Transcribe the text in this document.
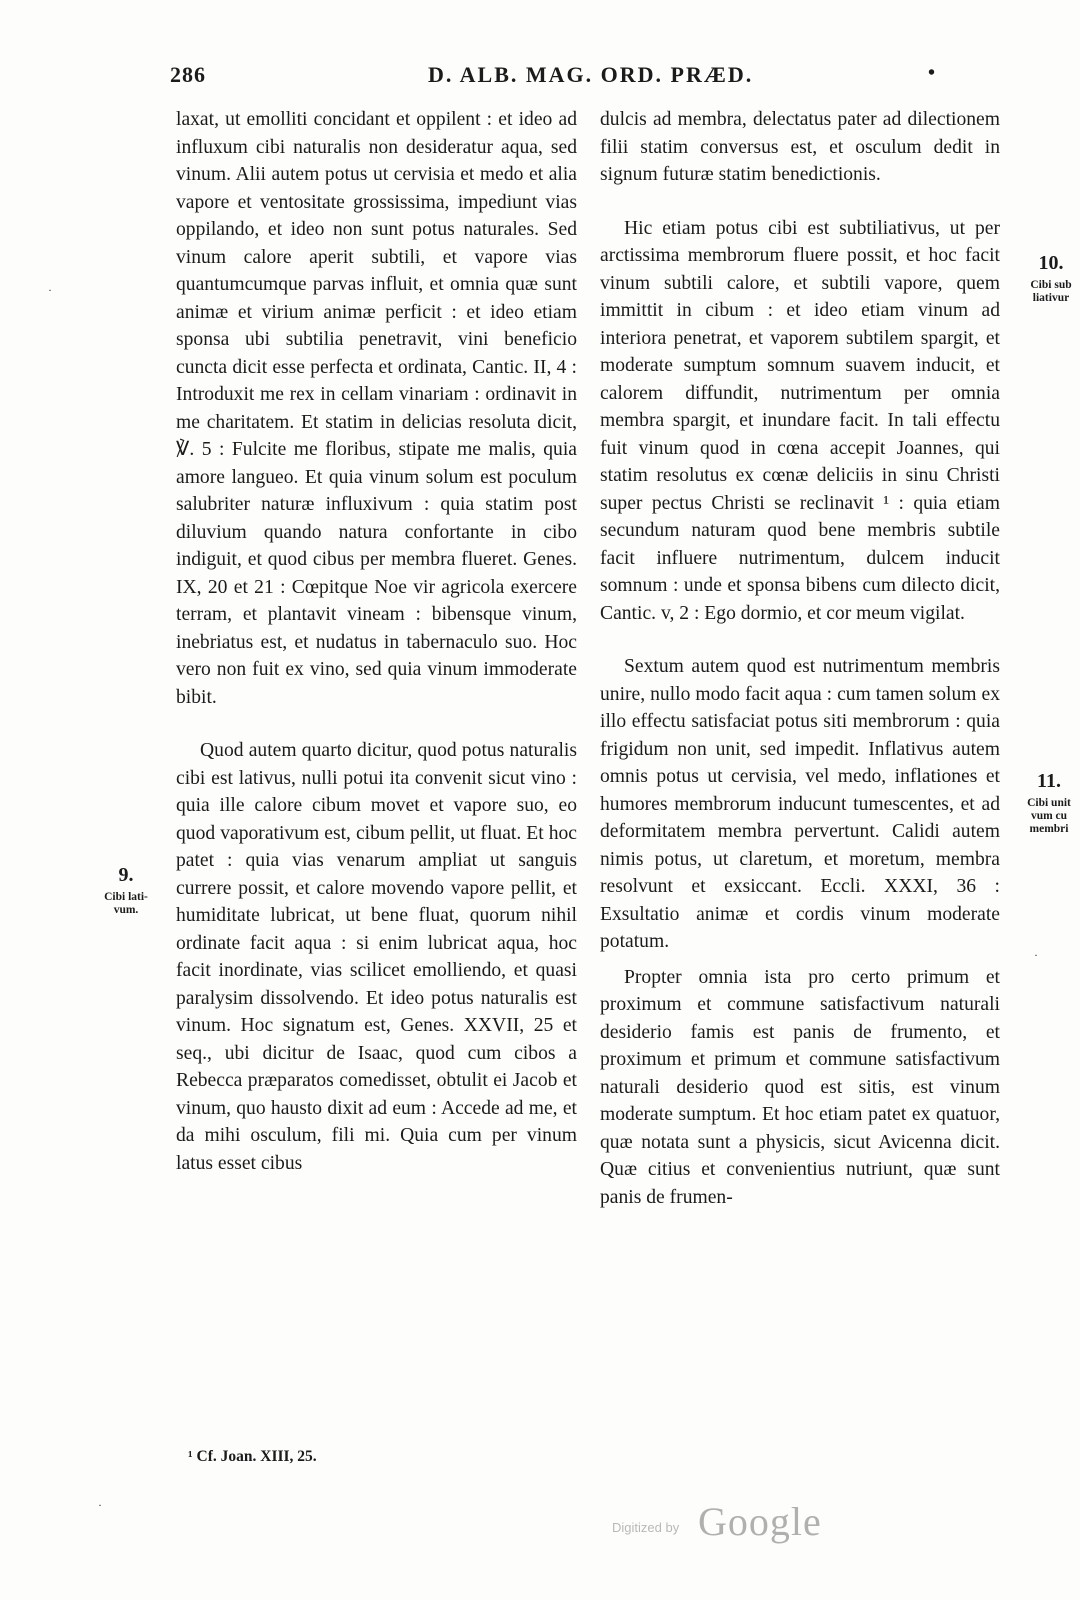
286	D. ALB. MAG. ORD. PRÆD.	•
laxat, ut emolliti concidant et oppilent : et ideo ad influxum cibi naturalis non desideratur aqua, sed vinum. Alii autem potus ut cervisia et medo et alia vapore et ventositate grossissima, impediunt vias oppilando, et ideo non sunt potus naturales. Sed vinum calore aperit subtili, et vapore vias quantumcumque parvas influit, et omnia quæ sunt animæ et virium animæ perficit : et ideo etiam sponsa ubi subtilia penetravit, vini beneficio cuncta dicit esse perfecta et ordinata, Cantic. II, 4 : Introduxit me rex in cellam vinariam : ordinavit in me charitatem. Et statim in delicias resoluta dicit, ℣. 5 : Fulcite me floribus, stipate me malis, quia amore langueo. Et quia vinum solum est poculum salubriter naturæ influxivum : quia statim post diluvium quando natura confortante in cibo indiguit, et quod cibus per membra flueret. Genes. IX, 20 et 21 : Cœpitque Noe vir agricola exercere terram, et plantavit vineam : bibensque vinum, inebriatus est, et nudatus in tabernaculo suo. Hoc vero non fuit ex vino, sed quia vinum immoderate bibit.
Quod autem quarto dicitur, quod potus naturalis cibi est lativus, nulli potui ita convenit sicut vino : quia ille calore cibum movet et vapore suo, eo quod vaporativum est, cibum pellit, ut fluat. Et hoc patet : quia vias venarum ampliat ut sanguis currere possit, et calore movendo vapore pellit, et humiditate lubricat, ut bene fluat, quorum nihil ordinate facit aqua : si enim lubricat aqua, hoc facit inordinate, vias scilicet emolliendo, et quasi paralysim dissolvendo. Et ideo potus naturalis est vinum. Hoc signatum est, Genes. XXVII, 25 et seq., ubi dicitur de Isaac, quod cum cibos a Rebecca præparatos comedisset, obtulit ei Jacob et vinum, quo hausto dixit ad eum : Accede ad me, et da mihi osculum, fili mi. Quia cum per vinum latus esset cibus
dulcis ad membra, delectatus pater ad dilectionem filii statim conversus est, et osculum dedit in signum futuræ statim benedictionis.
Hic etiam potus cibi est subtiliativus, ut per arctissima membrorum fluere possit, et hoc facit vinum subtili calore, et subtili vapore, quem immittit in cibum : et ideo etiam vinum ad interiora penetrat, et vaporem subtilem spargit, et moderate sumptum somnum suavem inducit, et calorem diffundit, nutrimentum per omnia membra spargit, et inundare facit. In tali effectu fuit vinum quod in cœna accepit Joannes, qui statim resolutus ex cœnæ deliciis in sinu Christi super pectus Christi se reclinavit ¹ : quia etiam secundum naturam quod bene membris subtile facit influere nutrimentum, dulcem inducit somnum : unde et sponsa bibens cum dilecto dicit, Cantic. v, 2 : Ego dormio, et cor meum vigilat.
Sextum autem quod est nutrimentum membris unire, nullo modo facit aqua : cum tamen solum ex illo effectu satisfaciat potus siti membrorum : quia frigidum non unit, sed impedit. Inflativus autem omnis potus ut cervisia, vel medo, inflationes et humores membrorum inducunt tumescentes, et ad deformitatem membra pervertunt. Calidi autem nimis potus, ut claretum, et moretum, membra resolvunt et exsiccant. Eccli. XXXI, 36 : Exsultatio animæ et cordis vinum moderate potatum.
Propter omnia ista pro certo primum et proximum et commune satisfactivum naturali desiderio famis est panis de frumento, et proximum et primum et commune satisfactivum naturali desiderio quod est sitis, est vinum moderate sumptum. Et hoc etiam patet ex quatuor, quæ notata sunt a physicis, sicut Avicenna dicit. Quæ citius et convenientius nutriunt, quæ sunt panis de frumen-
9.
Cibi lati-
vum.
10.
Cibi sub
liativur
11.
Cibi unit
vum cu
membri
¹ Cf. Joan. XIII, 25.
Digitized by Google
·
·
·
